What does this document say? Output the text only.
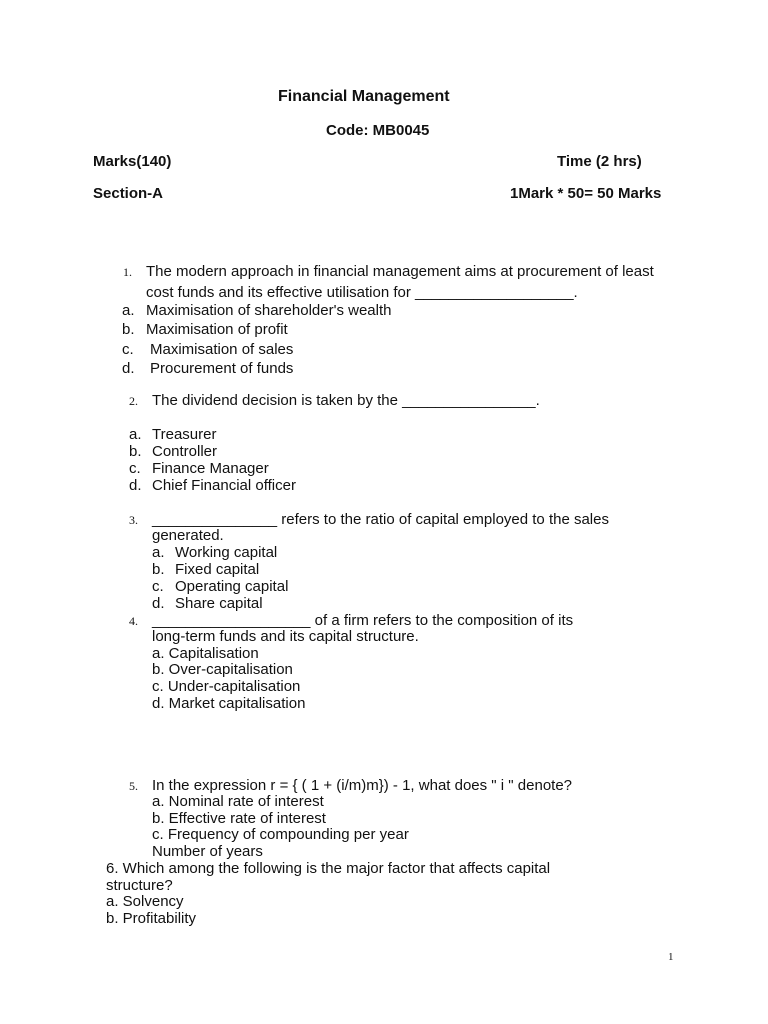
Financial Management
Code: MB0045
Marks(140)	Time (2 hrs)
Section-A	1Mark * 50= 50 Marks
1. The modern approach in financial management aims at procurement of least
cost funds and its effective utilisation for ___________________.
a. Maximisation of shareholder's wealth
b. Maximisation of profit
c. Maximisation of sales
d. Procurement of funds
2. The dividend decision is taken by the ________________.
a. Treasurer
b. Controller
c. Finance Manager
d. Chief Financial officer
3. _______________ refers to the ratio of capital employed to the sales
generated.
a. Working capital
b. Fixed capital
c. Operating capital
d. Share capital
4. ___________________ of a firm refers to the composition of its
long-term funds and its capital structure.
a. Capitalisation
b. Over-capitalisation
c. Under-capitalisation
d. Market capitalisation
5. In the expression r = { ( 1 + (i/m)m}) - 1, what does " i " denote?
a. Nominal rate of interest
b. Effective rate of interest
c. Frequency of compounding per year
Number of years
6. Which among the following is the major factor that affects capital
structure?
a. Solvency
b. Profitability
1
